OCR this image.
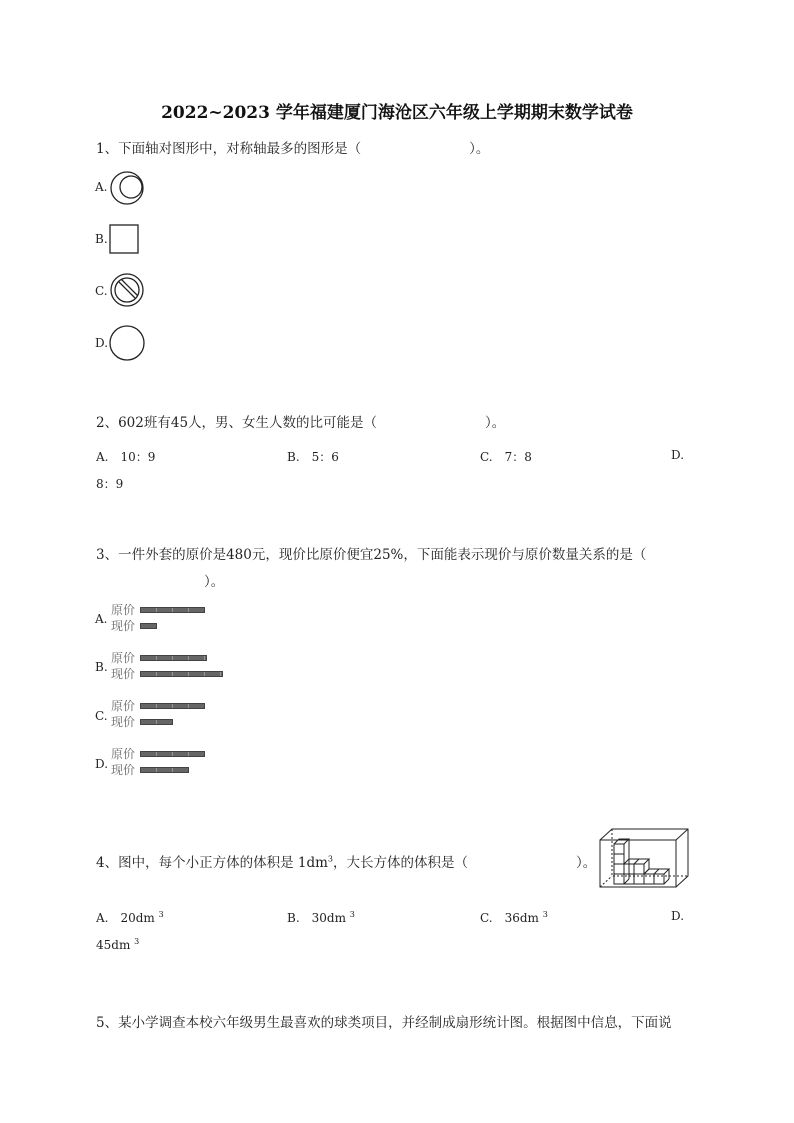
2022~2023 学年福建厦门海沧区六年级上学期期末数学试卷
1、下面轴对图形中，对称轴最多的图形是（　　　　　　　　）。
A.
B.
C.
D.
2、602班有45人，男、女生人数的比可能是（　　　　　　　　）。
A.　10：9	B.　5：6	C.　7：8	D.
8：9
3、一件外套的原价是480元，现价比原价便宜25%，下面能表示现价与原价数量关系的是（
　　　　　　　　）。
A.
原价
现价
B.
原价
现价
C.
原价
现价
D.
原价
现价
4、图中，每个小正方体的体积是 $1dm^3$，大长方体的体积是（　　　　　　　　）。
A.　20dm $^3$	B.　30dm $^3$	C.　36dm $^3$	D.
45dm $^3$
5、某小学调查本校六年级男生最喜欢的球类项目，并经制成扇形统计图。根据图中信息，下面说
